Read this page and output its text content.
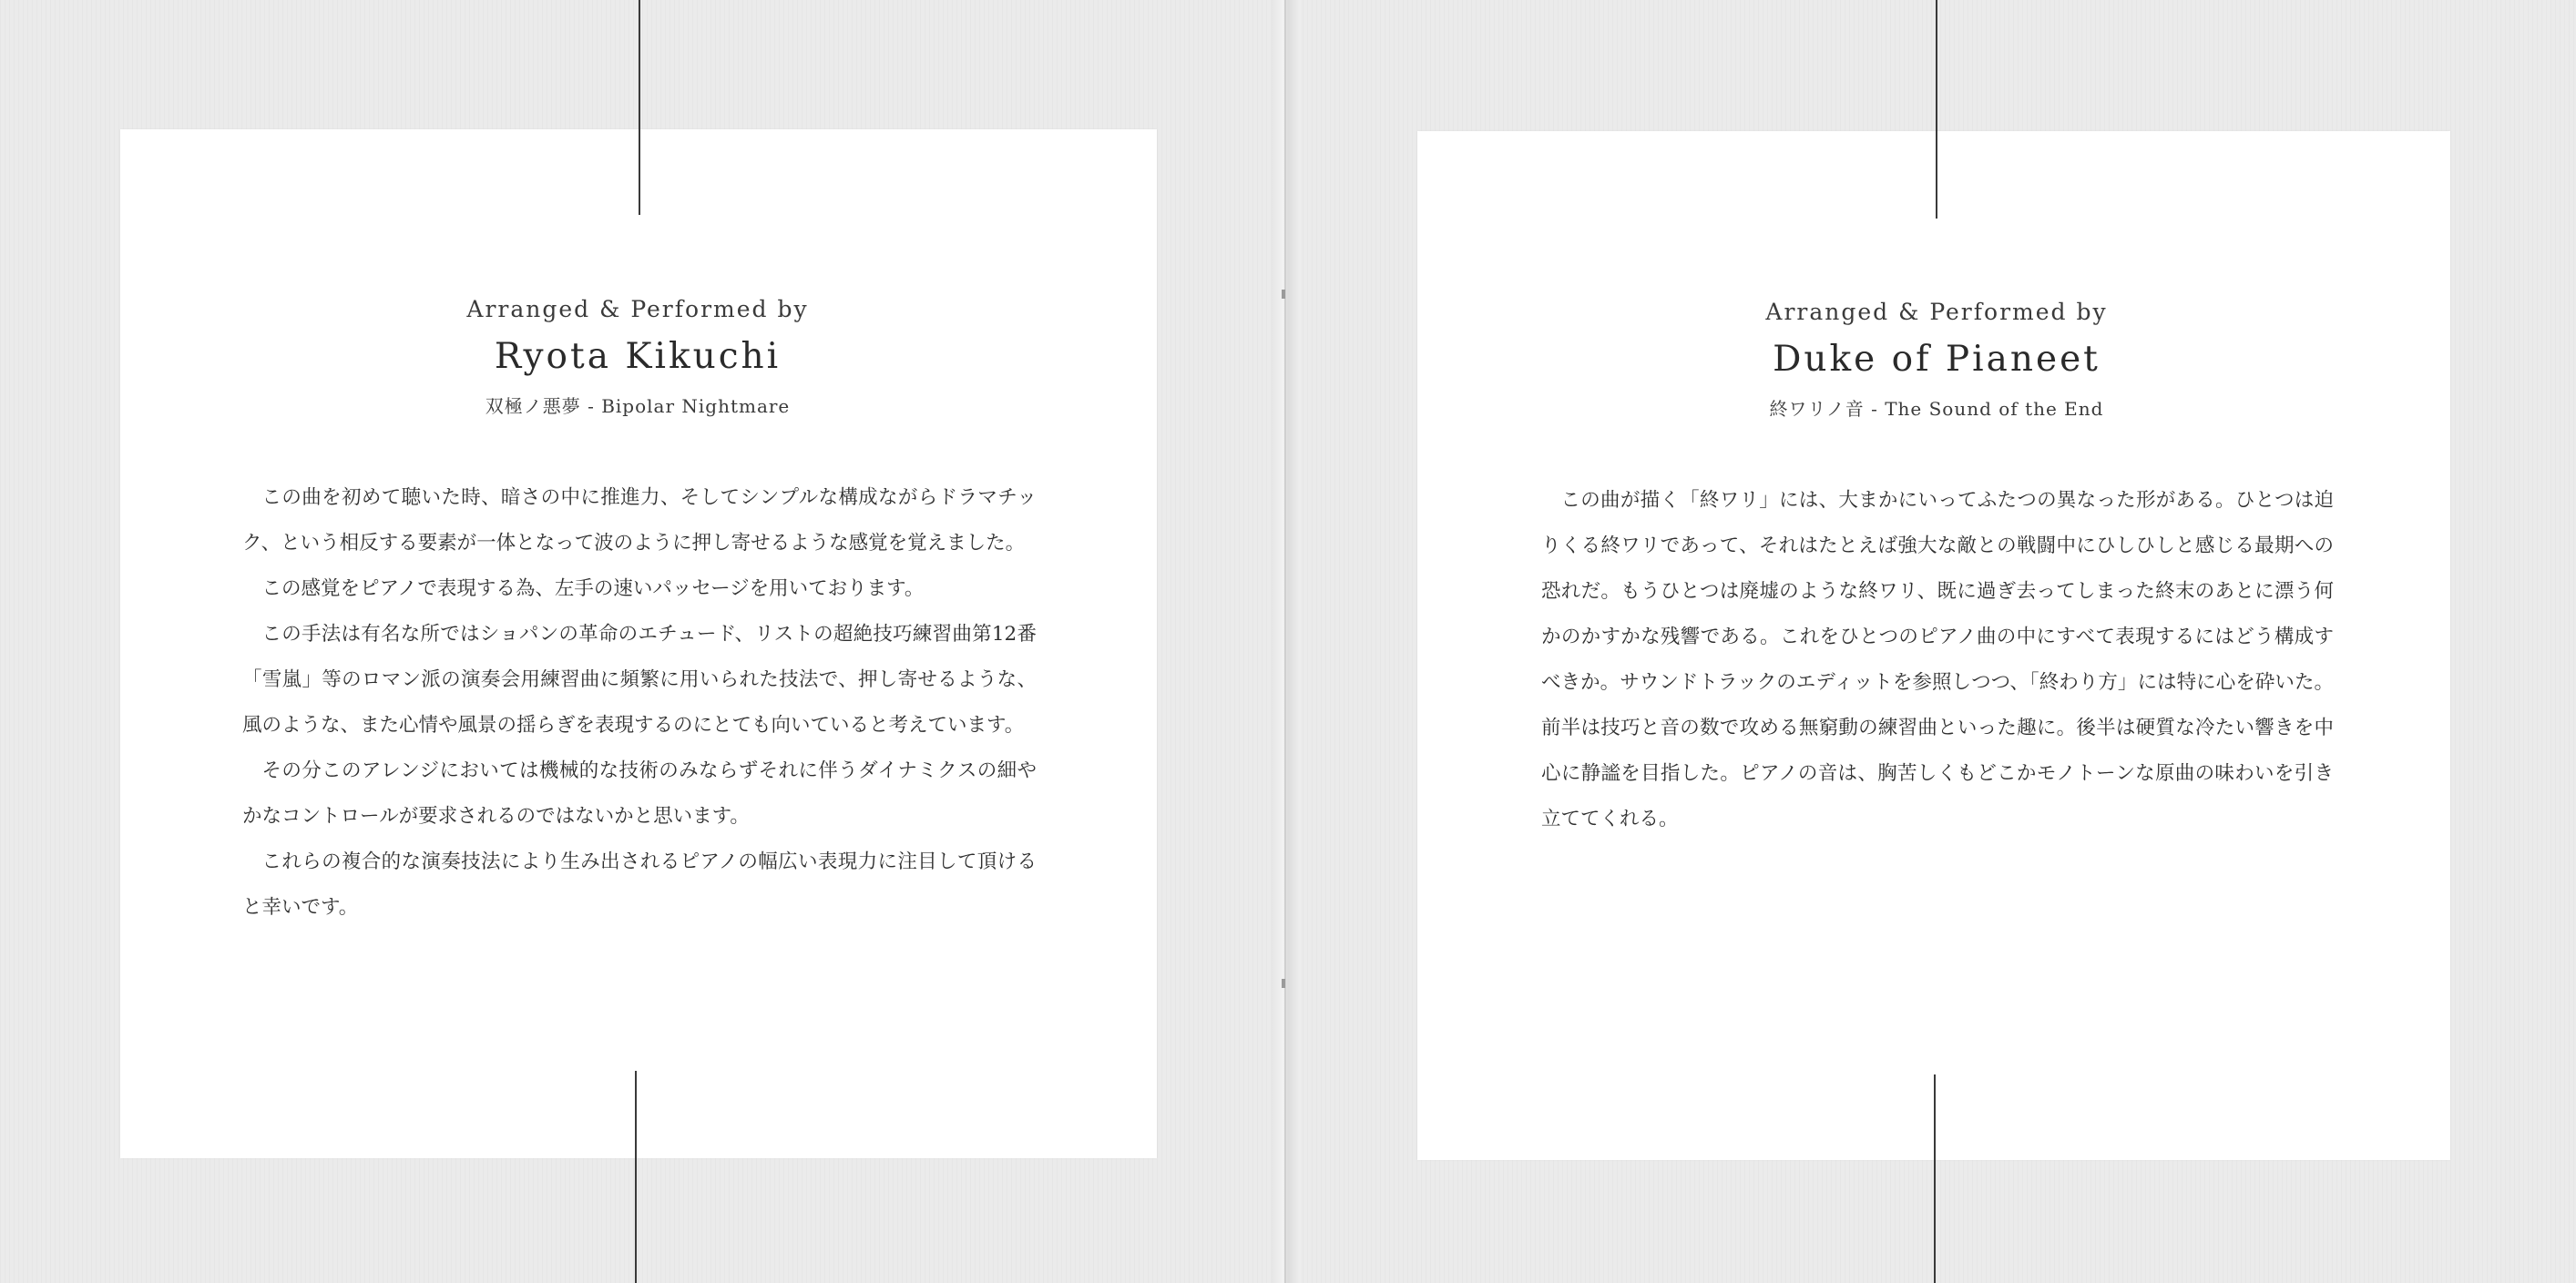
Arranged & Performed by
Ryota Kikuchi
双極ノ悪夢 - Bipolar Nightmare

この曲を初めて聴いた時、暗さの中に推進力、そしてシンプルな構成ながらドラマチック、という相反する要素が一体となって波のように押し寄せるような感覚を覚えました。

この感覚をピアノで表現する為、左手の速いパッセージを用いております。

この手法は有名な所ではショパンの革命のエチュード、リストの超絶技巧練習曲第12番「雪嵐」等のロマン派の演奏会用練習曲に頻繁に用いられた技法で、押し寄せるような、風のような、また心情や風景の揺らぎを表現するのにとても向いていると考えています。

その分このアレンジにおいては機械的な技術のみならずそれに伴うダイナミクスの細やかなコントロールが要求されるのではないかと思います。

これらの複合的な演奏技法により生み出されるピアノの幅広い表現力に注目して頂けると幸いです。

Arranged & Performed by
Duke of Pianeet
終ワリノ音 - The Sound of the End

この曲が描く「終ワリ」には、大まかにいってふたつの異なった形がある。ひとつは迫りくる終ワリであって、それはたとえば強大な敵との戦闘中にひしひしと感じる最期への恐れだ。もうひとつは廃墟のような終ワリ、既に過ぎ去ってしまった終末のあとに漂う何かのかすかな残響である。これをひとつのピアノ曲の中にすべて表現するにはどう構成すべきか。サウンドトラックのエディットを参照しつつ、「終わり方」には特に心を砕いた。前半は技巧と音の数で攻める無窮動の練習曲といった趣に。後半は硬質な冷たい響きを中心に静謐を目指した。ピアノの音は、胸苦しくもどこかモノトーンな原曲の味わいを引き立ててくれる。
